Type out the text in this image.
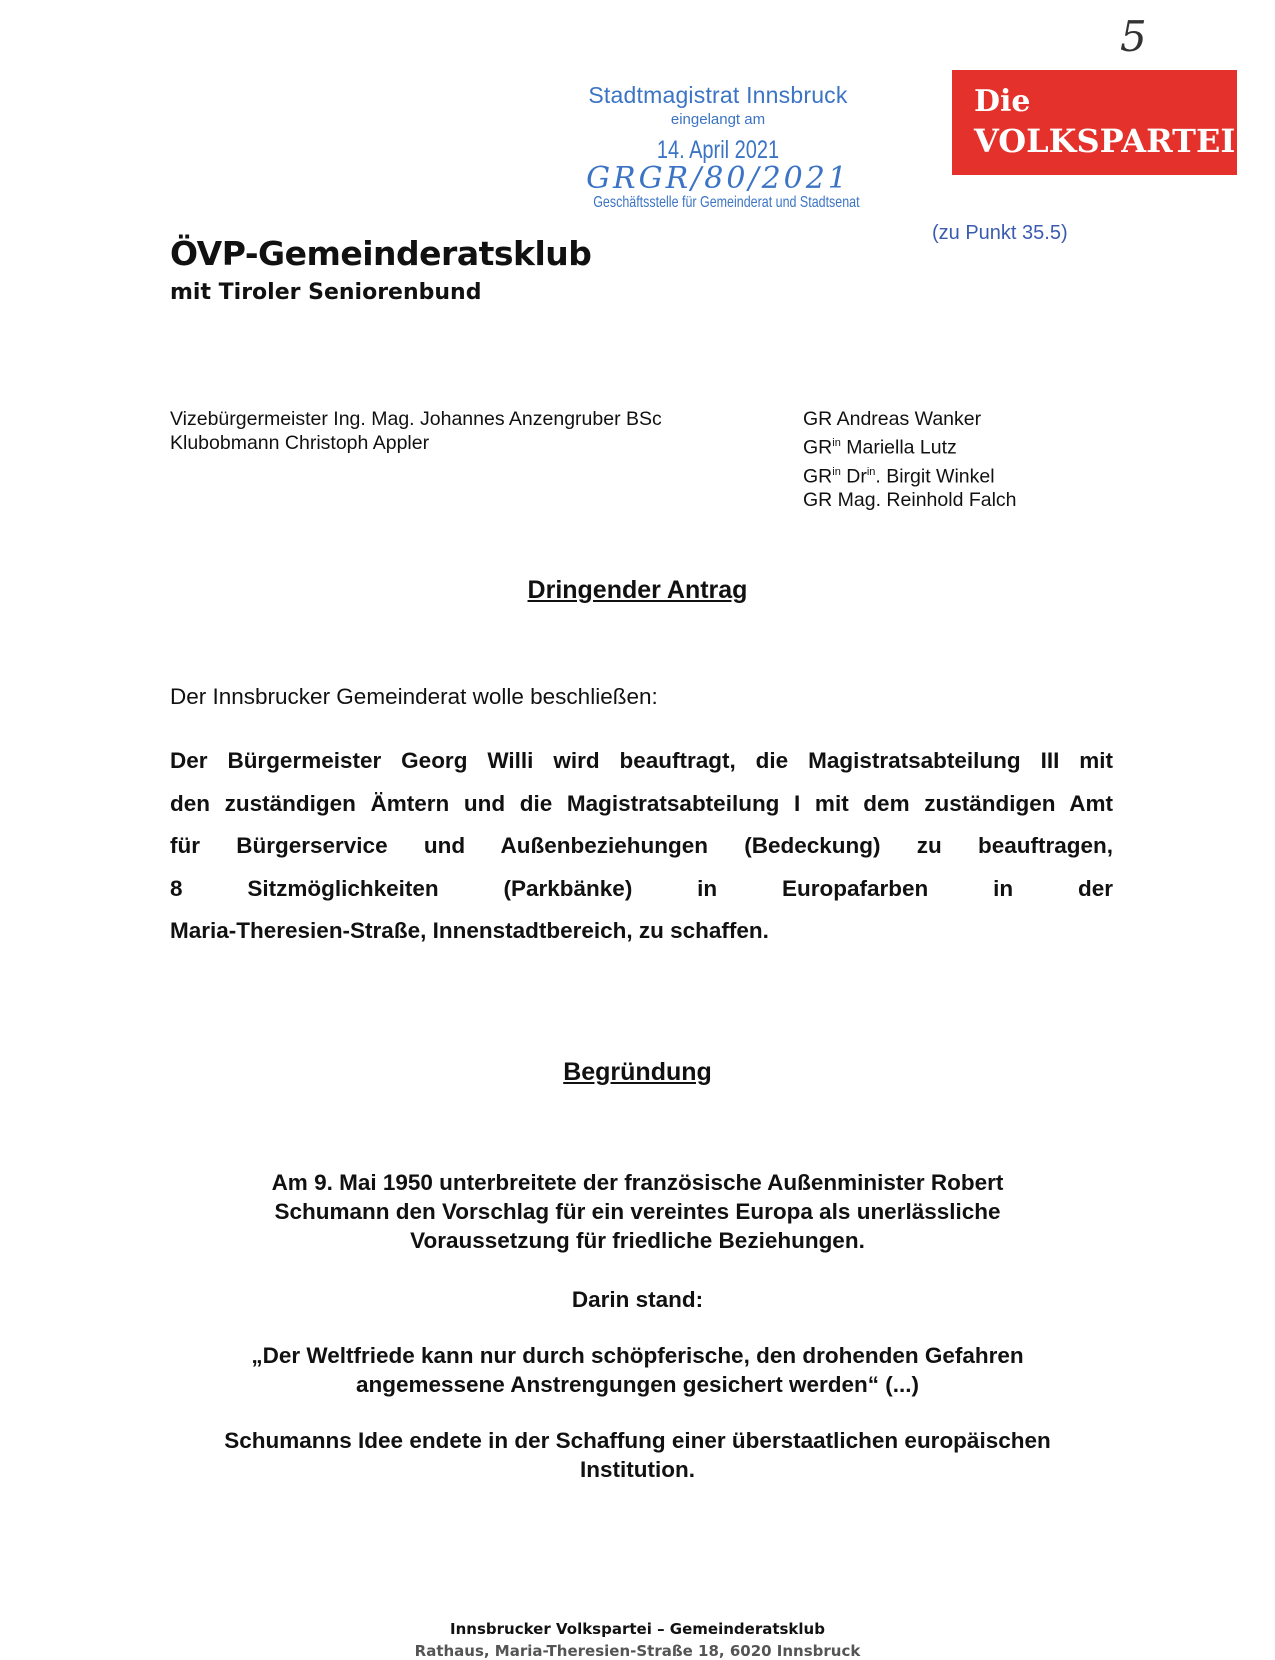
5
Stadtmagistrat Innsbruck
eingelangt am
14. April 2021
GRGR/80/2021
Geschäftsstelle für Gemeinderat und Stadtsenat
Die
VOLKSPARTEI
(zu Punkt 35.5)
ÖVP-Gemeinderatsklub
mit Tiroler Seniorenbund
Vizebürgermeister Ing. Mag. Johannes Anzengruber BSc
Klubobmann Christoph Appler
GR Andreas Wanker
$GR^{in}$ Mariella Lutz
$GR^{in}$ $Dr^{in}$. Birgit Winkel
GR Mag. Reinhold Falch
Dringender Antrag
Der Innsbrucker Gemeinderat wolle beschließen:

Der Bürgermeister Georg Willi wird beauftragt, die Magistratsabteilung III mit

den zuständigen Ämtern und die Magistratsabteilung I mit dem zuständigen Amt

für Bürgerservice und Außenbeziehungen (Bedeckung) zu beauftragen,

8 Sitzmöglichkeiten (Parkbänke) in Europafarben in der

Maria-Theresien-Straße, Innenstadtbereich, zu schaffen.

Begründung
Am 9. Mai 1950 unterbreitete der französische Außenminister Robert
Schumann den Vorschlag für ein vereintes Europa als unerlässliche
Voraussetzung für friedliche Beziehungen.
Darin stand:
„Der Weltfriede kann nur durch schöpferische, den drohenden Gefahren
angemessene Anstrengungen gesichert werden“ (...)
Schumanns Idee endete in der Schaffung einer überstaatlichen europäischen
Institution.
Innsbrucker Volkspartei – Gemeinderatsklub
Rathaus, Maria-Theresien-Straße 18, 6020 Innsbruck
